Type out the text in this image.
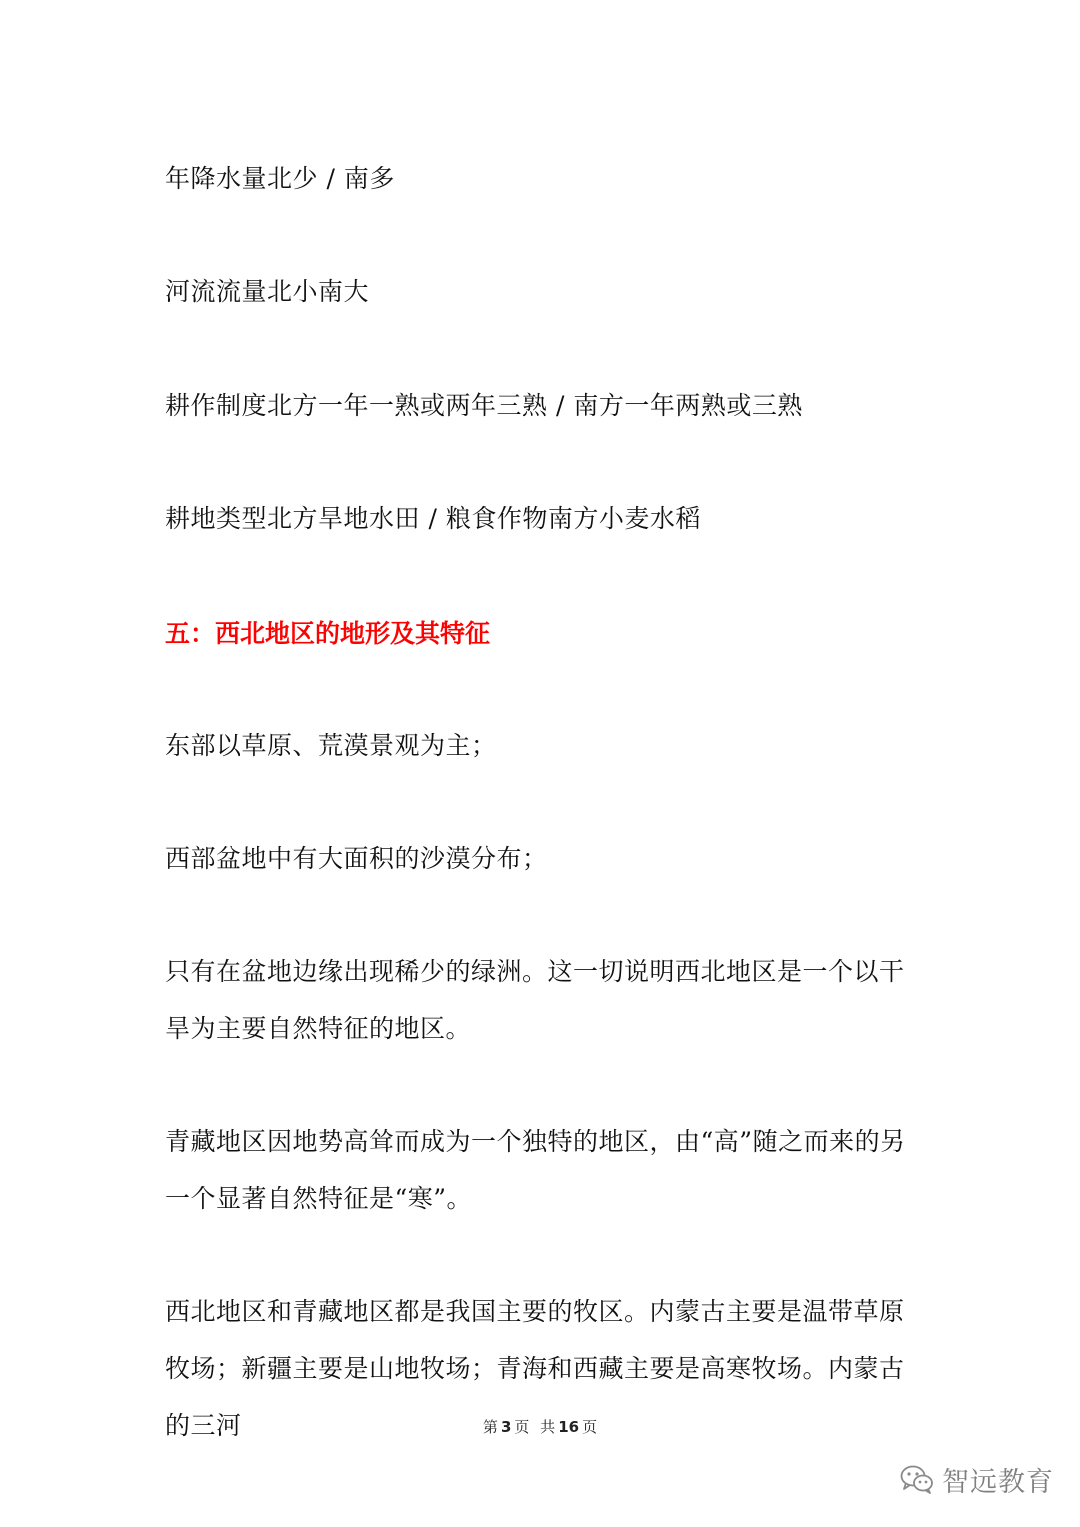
年降水量北少 / 南多

河流流量北小南大

耕作制度北方一年一熟或两年三熟 / 南方一年两熟或三熟

耕地类型北方旱地水田 / 粮食作物南方小麦水稻

五：西北地区的地形及其特征

东部以草原、荒漠景观为主；

西部盆地中有大面积的沙漠分布；

只有在盆地边缘出现稀少的绿洲。这一切说明西北地区是一个以干旱为主要自然特征的地区。

青藏地区因地势高耸而成为一个独特的地区，由“高”随之而来的另一个显著自然特征是“寒”。

西北地区和青藏地区都是我国主要的牧区。内蒙古主要是温带草原牧场；新疆主要是山地牧场；青海和西藏主要是高寒牧场。内蒙古的三河	第 3 页 共 16 页
智远教育
